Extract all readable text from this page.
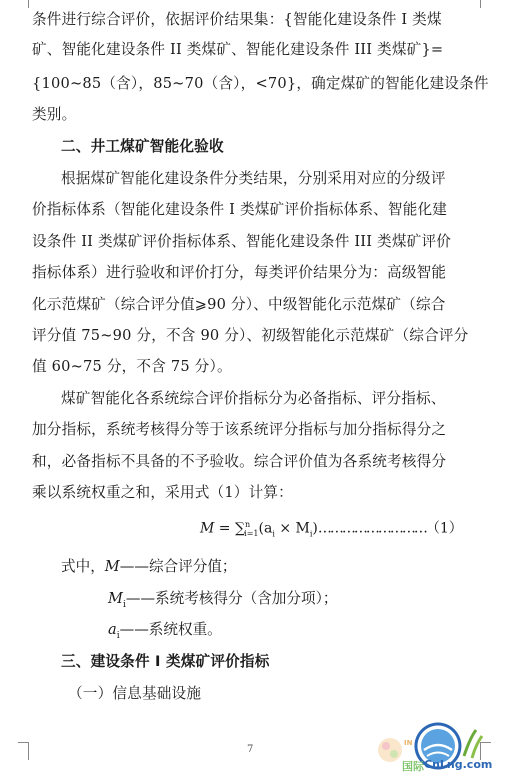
条件进行综合评价，依据评价结果集：{智能化建设条件 I 类煤
矿、智能化建设条件 II 类煤矿、智能化建设条件 III 类煤矿}=
{100~85（含），85~70（含），<70}，确定煤矿的智能化建设条件
类别。
二、井工煤矿智能化验收
根据煤矿智能化建设条件分类结果，分别采用对应的分级评
价指标体系（智能化建设条件 I 类煤矿评价指标体系、智能化建
设条件 II 类煤矿评价指标体系、智能化建设条件 III 类煤矿评价
指标体系）进行验收和评价打分，每类评价结果分为：高级智能
化示范煤矿（综合评分值⩾90 分）、中级智能化示范煤矿（综合
评分值 75~90 分，不含 90 分）、初级智能化示范煤矿（综合评分
值 60~75 分，不含 75 分）。
煤矿智能化各系统综合评价指标分为必备指标、评分指标、
加分指标，系统考核得分等于该系统评分指标与加分指标得分之
和，必备指标不具备的不予验收。综合评价值为各系统考核得分
乘以系统权重之和，采用式（1）计算：
$M = \sum^n_{i=1}(a_i$ × $M_i)\dots\dots\dots\dots\dots\dots\dots\dots\dots(1)$
式中，M——综合评分值；
$M_i——$系统考核得分（含加分项）；
$a_i——$系统权重。
三、建设条件 I 类煤矿评价指标
（一）信息基础设施
7
IN
国际 CnLng.com
